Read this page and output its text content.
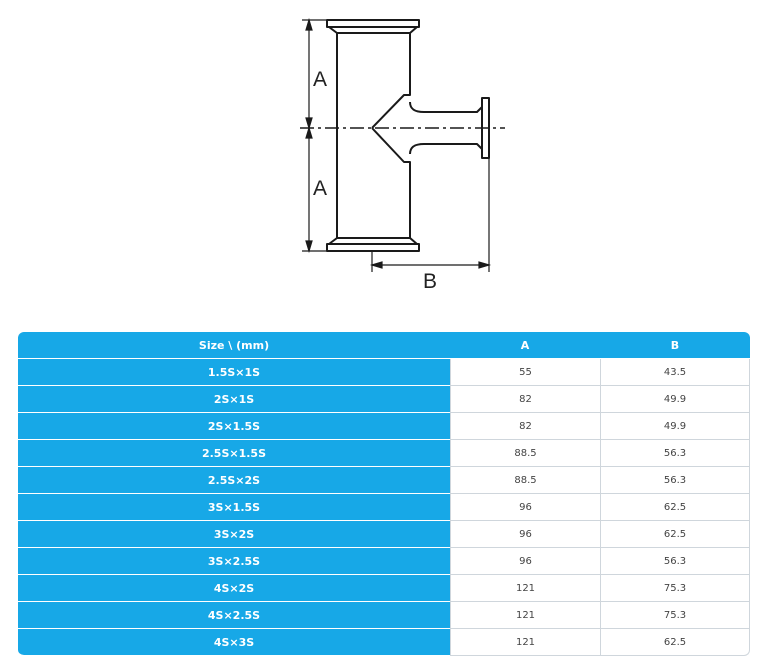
A
A
B
Size \ (mm)	A	B
1.5S×1S	55	43.5
2S×1S	82	49.9
2S×1.5S	82	49.9
2.5S×1.5S	88.5	56.3
2.5S×2S	88.5	56.3
3S×1.5S	96	62.5
3S×2S	96	62.5
3S×2.5S	96	56.3
4S×2S	121	75.3
4S×2.5S	121	75.3
4S×3S	121	62.5
